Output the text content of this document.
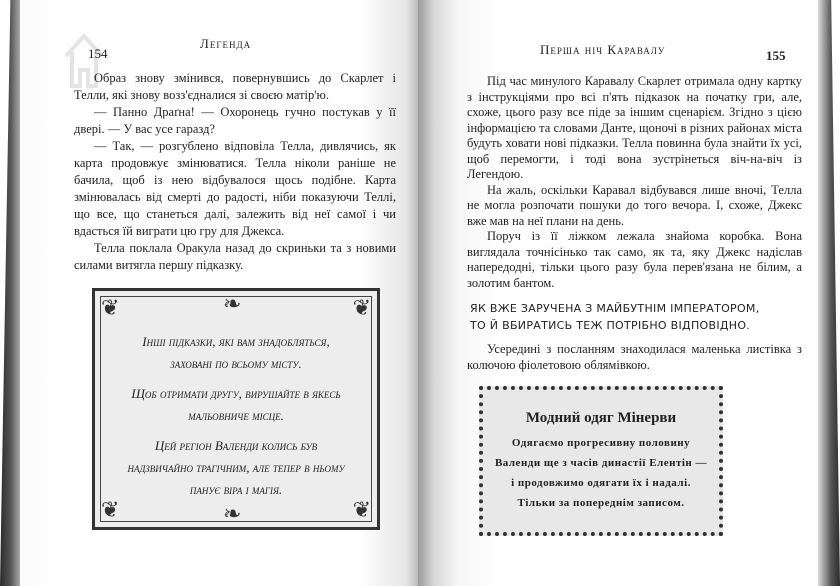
Легенда
154

Образ знову змінився, повернувшись до Скарлет і Телли, які знову возз'єдналися зі своєю матір'ю.

— Панно Драґна! — Охоронець гучно постукав у її двері. — У вас усе гаразд?

— Так, — розгублено відповіла Телла, дивлячись, як карта продовжує змінюватися. Телла ніколи раніше не бачила, щоб із нею відбувалося щось подібне. Карта змінювалась від смерті до радості, ніби показуючи Теллі, що все, що станеться далі, залежить від неї самої і чи вдасться їй виграти цю гру для Джекса.

Телла поклала Оракула назад до скриньки та з новими силами витягла першу підказку.

❦	❦
❦	❦
❧
❧

Інші підказки, які вам знадобляться, заховані по всьому місту.

Щоб отримати другу, вирушайте в якесь мальовниче місце.

Цей регіон Валенди колись був надзвичайно трагічним, але тепер в ньому панує віра і магія.

Перша ніч Каравалу	155

Під час минулого Каравалу Скарлет отримала одну картку з інструкціями про всі п'ять підказок на початку гри, але, схоже, цього разу все піде за іншим сценарієм. Згідно з цією інформацією та словами Данте, щоночі в різних районах міста будуть ховати нові підказки. Телла повинна була знайти їх усі, щоб перемогти, і тоді вона зустрінеться віч-на-віч із Легендою.

На жаль, оскільки Каравал відбувався лише вночі, Телла не могла розпочати пошуки до того вечора. І, схоже, Джекс вже мав на неї плани на день.

Поруч із її ліжком лежала знайома коробка. Вона виглядала точнісінько так само, як та, яку Джекс надіслав напередодні, тільки цього разу була перев'язана не білим, а золотим бантом.

ЯК ВЖЕ ЗАРУЧЕНА З МАЙБУТНІМ ІМПЕРАТОРОМ,
ТО Й ВБИРАТИСЬ ТЕЖ ПОТРІБНО ВІДПОВІДНО.

Усередині з посланням знаходилася маленька листівка з колючою фіолетовою облямівкою.

Модний одяг Мінерви

Одягаємо прогресивну половину

Валенди ще з часів династії Елентін —

і продовжимо одягати їх і надалі.

Тільки за попереднім записом.
